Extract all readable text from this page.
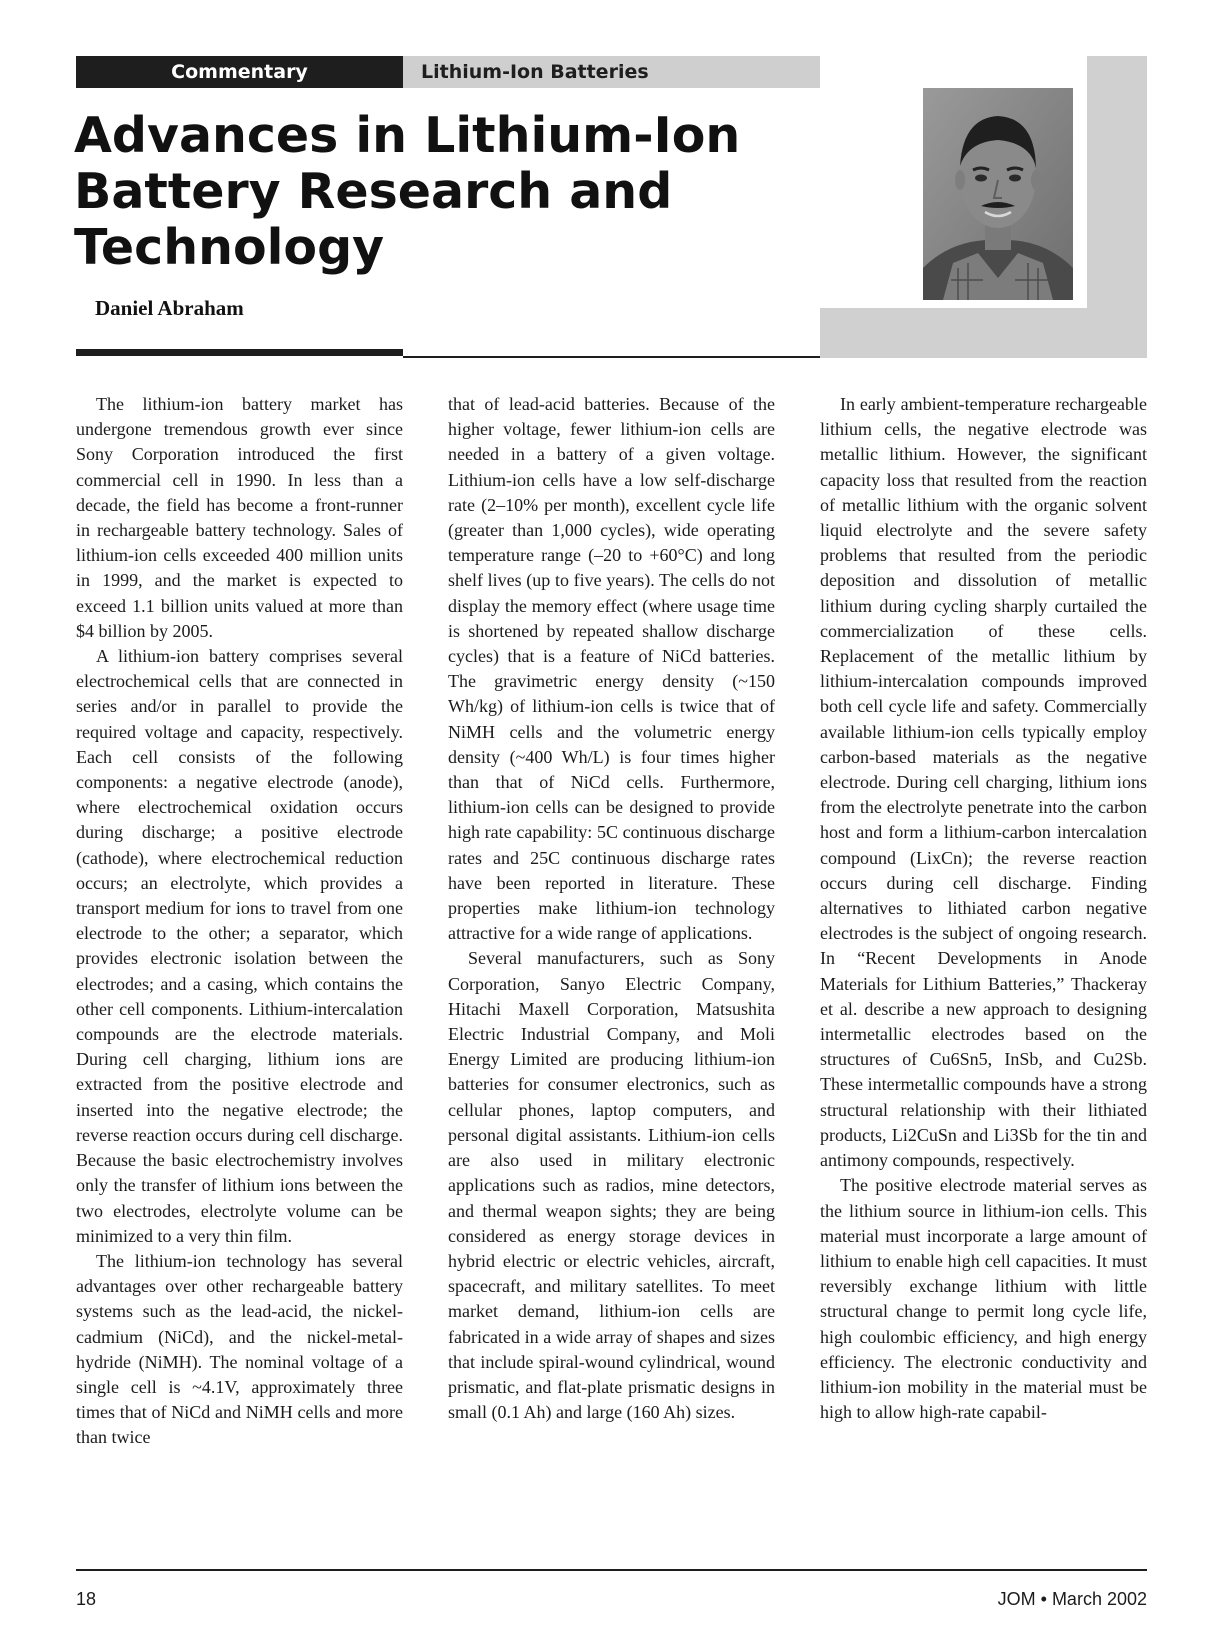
Commentary	Lithium-Ion Batteries
Advances in Lithium-Ion Battery Research and Technology
Daniel Abraham

The lithium-ion battery market has undergone tremendous growth ever since Sony Corporation introduced the first commercial cell in 1990. In less than a decade, the field has become a front-runner in rechargeable battery technology. Sales of lithium-ion cells exceeded 400 million units in 1999, and the market is expected to exceed 1.1 billion units valued at more than $4 billion by 2005.

A lithium-ion battery comprises several electrochemical cells that are connected in series and/or in parallel to provide the required voltage and capacity, respectively. Each cell consists of the following components: a negative electrode (anode), where electrochemical oxidation occurs during discharge; a positive electrode (cathode), where electrochemical reduction occurs; an electrolyte, which provides a transport medium for ions to travel from one electrode to the other; a separator, which provides electronic isolation between the electrodes; and a casing, which contains the other cell components. Lithium-intercalation compounds are the electrode materials. During cell charging, lithium ions are extracted from the positive electrode and inserted into the negative electrode; the reverse reaction occurs during cell discharge. Because the basic electrochemistry involves only the transfer of lithium ions between the two electrodes, electrolyte volume can be minimized to a very thin film.

The lithium-ion technology has several advantages over other rechargeable battery systems such as the lead-acid, the nickel-cadmium (NiCd), and the nickel-metal-hydride (NiMH). The nominal voltage of a single cell is ~4.1V, approximately three times that of NiCd and NiMH cells and more than twice

that of lead-acid batteries. Because of the higher voltage, fewer lithium-ion cells are needed in a battery of a given voltage. Lithium-ion cells have a low self-discharge rate (2–10% per month), excellent cycle life (greater than 1,000 cycles), wide operating temperature range (–20 to +60°C) and long shelf lives (up to five years). The cells do not display the memory effect (where usage time is shortened by repeated shallow discharge cycles) that is a feature of NiCd batteries. The gravimetric energy density (~150 Wh/kg) of lithium-ion cells is twice that of NiMH cells and the volumetric energy density (~400 Wh/L) is four times higher than that of NiCd cells. Furthermore, lithium-ion cells can be designed to provide high rate capability: 5C continuous discharge rates and 25C continuous discharge rates have been reported in literature. These properties make lithium-ion technology attractive for a wide range of applications.

Several manufacturers, such as Sony Corporation, Sanyo Electric Company, Hitachi Maxell Corporation, Matsushita Electric Industrial Company, and Moli Energy Limited are producing lithium-ion batteries for consumer electronics, such as cellular phones, laptop computers, and personal digital assistants. Lithium-ion cells are also used in military electronic applications such as radios, mine detectors, and thermal weapon sights; they are being considered as energy storage devices in hybrid electric or electric vehicles, aircraft, spacecraft, and military satellites. To meet market demand, lithium-ion cells are fabricated in a wide array of shapes and sizes that include spiral-wound cylindrical, wound prismatic, and flat-plate prismatic designs in small (0.1 Ah) and large (160 Ah) sizes.

In early ambient-temperature rechargeable lithium cells, the negative electrode was metallic lithium. However, the significant capacity loss that resulted from the reaction of metallic lithium with the organic solvent liquid electrolyte and the severe safety problems that resulted from the periodic deposition and dissolution of metallic lithium during cycling sharply curtailed the commercialization of these cells. Replacement of the metallic lithium by lithium-intercalation compounds improved both cell cycle life and safety. Commercially available lithium-ion cells typically employ carbon-based materials as the negative electrode. During cell charging, lithium ions from the electrolyte penetrate into the carbon host and form a lithium-carbon intercalation compound (LixCn); the reverse reaction occurs during cell discharge. Finding alternatives to lithiated carbon negative electrodes is the subject of ongoing research. In “Recent Developments in Anode Materials for Lithium Batteries,” Thackeray et al. describe a new approach to designing intermetallic electrodes based on the structures of Cu6Sn5, InSb, and Cu2Sb. These intermetallic compounds have a strong structural relationship with their lithiated products, Li2CuSn and Li3Sb for the tin and antimony compounds, respectively.

The positive electrode material serves as the lithium source in lithium-ion cells. This material must incorporate a large amount of lithium to enable high cell capacities. It must reversibly exchange lithium with little structural change to permit long cycle life, high coulombic efficiency, and high energy efficiency. The electronic conductivity and lithium-ion mobility in the material must be high to allow high-rate capabil-

18	JOM • March 2002
